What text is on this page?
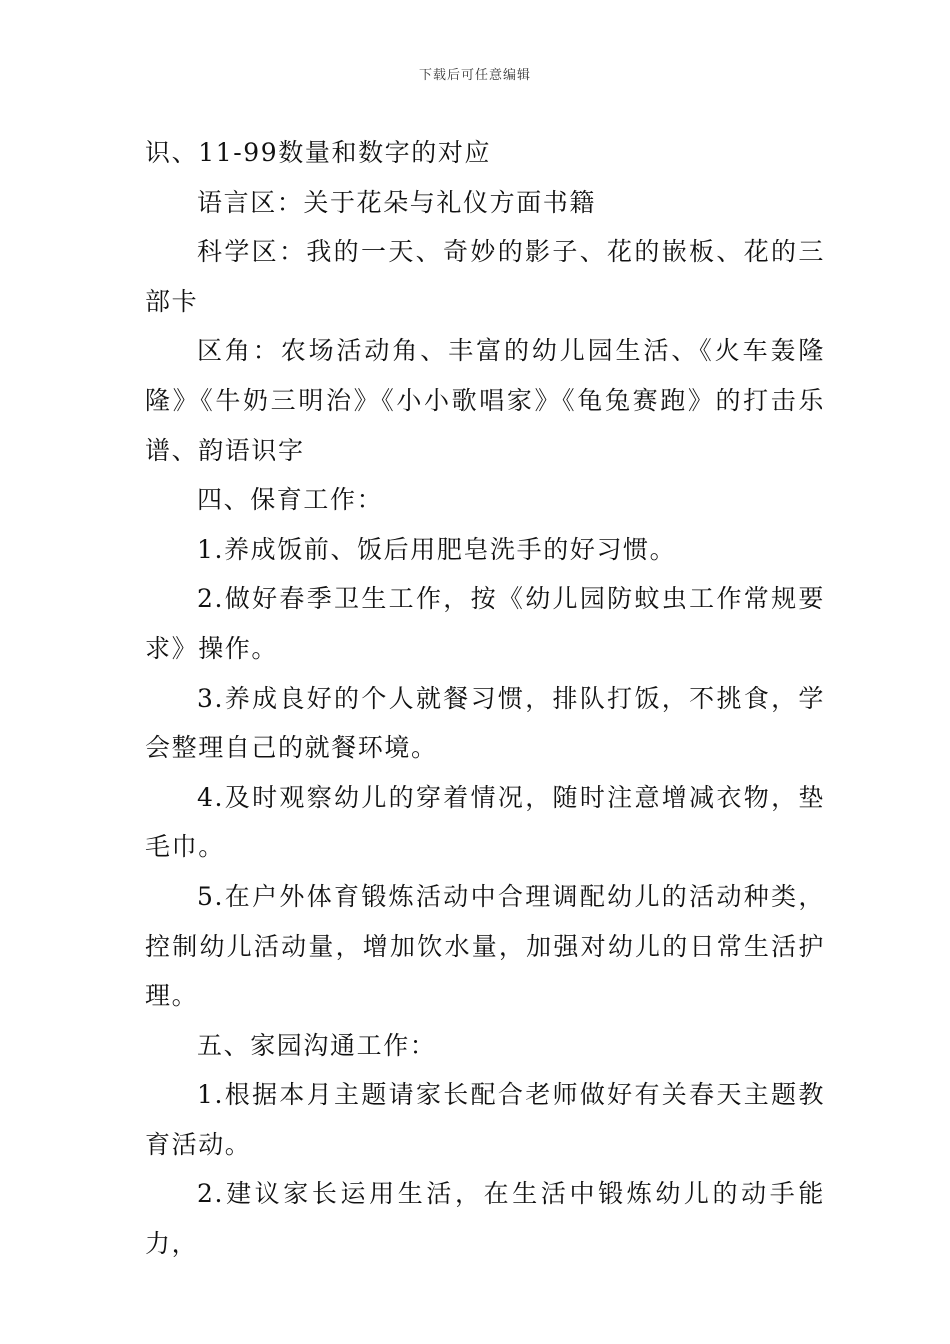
下载后可任意编辑

识、11-99数量和数字的对应

语言区：关于花朵与礼仪方面书籍

科学区：我的一天、奇妙的影子、花的嵌板、花的三部卡

区角：农场活动角、丰富的幼儿园生活、《火车轰隆隆》《牛奶三明治》《小小歌唱家》《龟兔赛跑》的打击乐谱、韵语识字

四、保育工作：

1.养成饭前、饭后用肥皂洗手的好习惯。

2.做好春季卫生工作，按《幼儿园防蚊虫工作常规要求》操作。

3.养成良好的个人就餐习惯，排队打饭，不挑食，学会整理自己的就餐环境。

4.及时观察幼儿的穿着情况，随时注意增减衣物，垫毛巾。

5.在户外体育锻炼活动中合理调配幼儿的活动种类，控制幼儿活动量，增加饮水量，加强对幼儿的日常生活护理。

五、家园沟通工作：

1.根据本月主题请家长配合老师做好有关春天主题教育活动。

2.建议家长运用生活，在生活中锻炼幼儿的动手能力，
